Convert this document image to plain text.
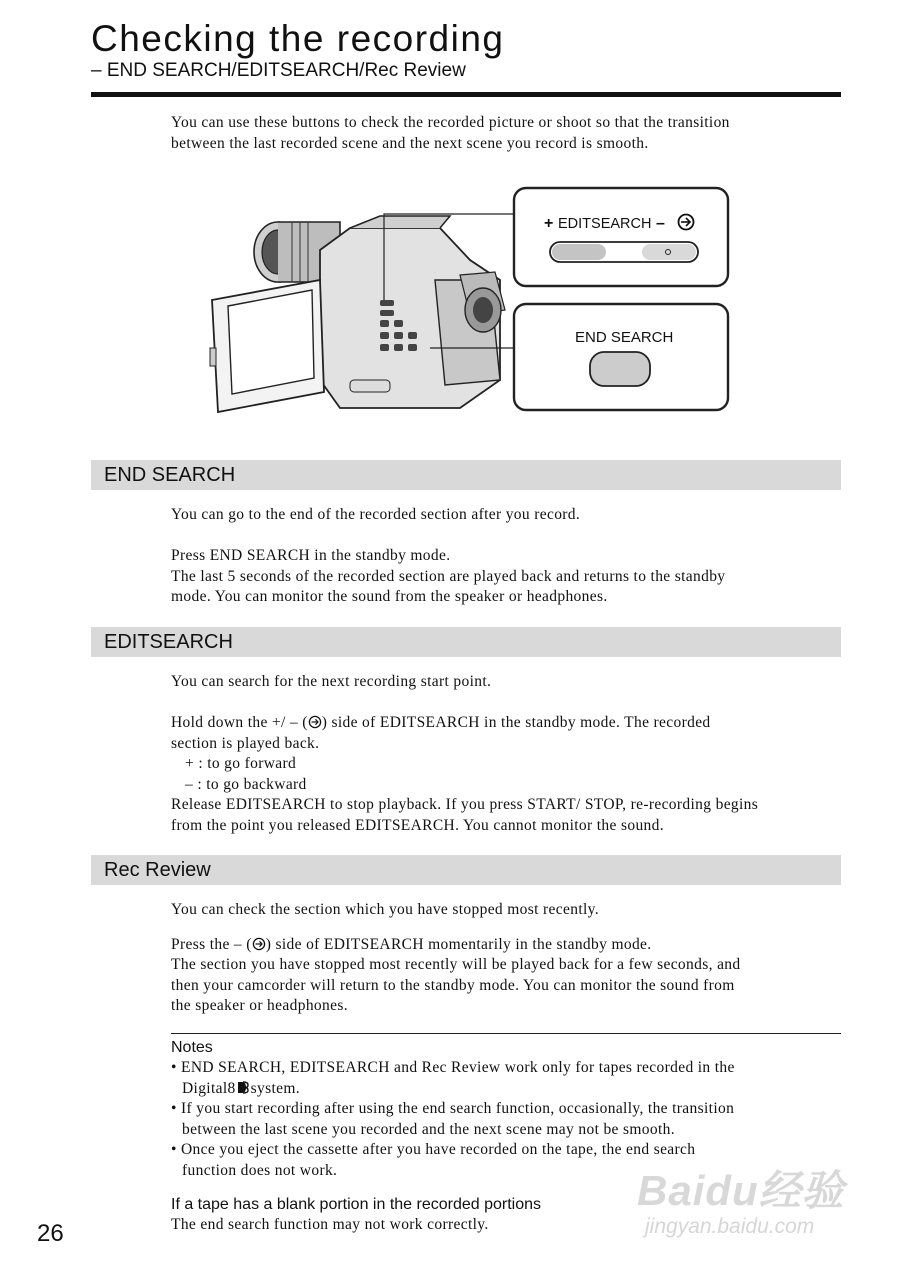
Checking the recording
– END SEARCH/EDITSEARCH/Rec Review

You can use these buttons to check the recorded picture or shoot so that the transition

between the last recorded scene and the next scene you record is smooth.

+ EDITSEARCH –
END SEARCH
END SEARCH

You can go to the end of the recorded section after you record.

Press END SEARCH in the standby mode.

The last 5 seconds of the recorded section are played back and returns to the standby

mode. You can monitor the sound from the speaker or headphones.

EDITSEARCH

You can search for the next recording start point.

Hold down the +/ – ( ) side of EDITSEARCH in the standby mode. The recorded

section is played back.

+ : to go forward

– : to go backward

Release EDITSEARCH to stop playback. If you press START/ STOP, re-recording begins

from the point you released EDITSEARCH. You cannot monitor the sound.

Rec Review

You can check the section which you have stopped most recently.

Press the – ( ) side of EDITSEARCH momentarily in the standby mode.

The section you have stopped most recently will be played back for a few seconds, and

then your camcorder will return to the standby mode. You can monitor the sound from

the speaker or headphones.

Notes

• END SEARCH, EDITSEARCH and Rec Review work only for tapes recorded in the

Digital8 system.

• If you start recording after using the end search function, occasionally, the transition

between the last scene you recorded and the next scene may not be smooth.

• Once you eject the cassette after you have recorded on the tape, the end search

function does not work.

If a tape has a blank portion in the recorded portions
The end search function may not work correctly.
26
Baidu经验
jingyan.baidu.com
